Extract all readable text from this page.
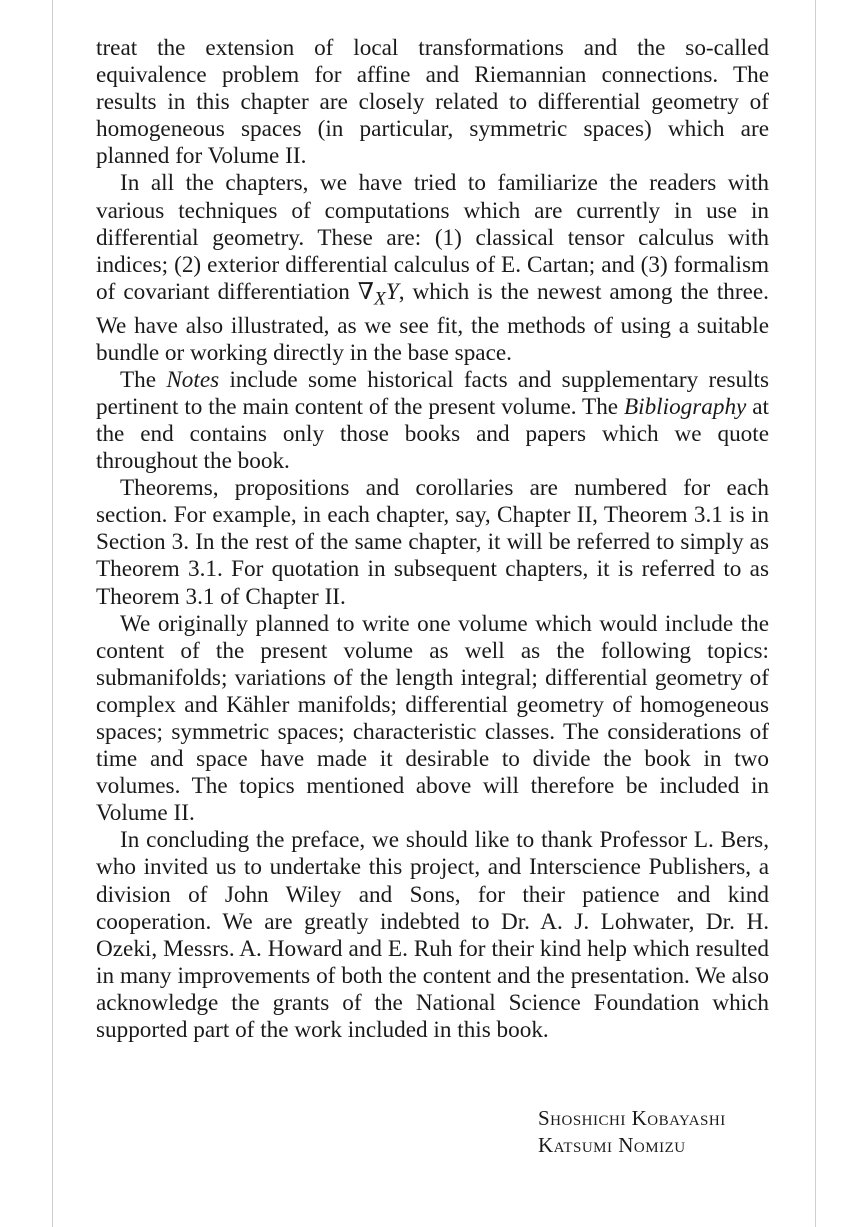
treat the extension of local transformations and the so-called equivalence problem for affine and Riemannian connections. The results in this chapter are closely related to differential geometry of homogeneous spaces (in particular, symmetric spaces) which are planned for Volume II.

In all the chapters, we have tried to familiarize the readers with various techniques of computations which are currently in use in differential geometry. These are: (1) classical tensor calculus with indices; (2) exterior differential calculus of E. Cartan; and (3) formalism of covariant differentiation $\nabla_XY$, which is the newest among the three. We have also illustrated, as we see fit, the methods of using a suitable bundle or working directly in the base space.

The Notes include some historical facts and supplementary results pertinent to the main content of the present volume. The Bibliography at the end contains only those books and papers which we quote throughout the book.

Theorems, propositions and corollaries are numbered for each section. For example, in each chapter, say, Chapter II, Theorem 3.1 is in Section 3. In the rest of the same chapter, it will be referred to simply as Theorem 3.1. For quotation in subsequent chapters, it is referred to as Theorem 3.1 of Chapter II.

We originally planned to write one volume which would include the content of the present volume as well as the following topics: submanifolds; variations of the length integral; differential geometry of complex and Kähler manifolds; differential geometry of homogeneous spaces; symmetric spaces; characteristic classes. The considerations of time and space have made it desirable to divide the book in two volumes. The topics mentioned above will therefore be included in Volume II.

In concluding the preface, we should like to thank Professor L. Bers, who invited us to undertake this project, and Interscience Publishers, a division of John Wiley and Sons, for their patience and kind cooperation. We are greatly indebted to Dr. A. J. Lohwater, Dr. H. Ozeki, Messrs. A. Howard and E. Ruh for their kind help which resulted in many improvements of both the content and the presentation. We also acknowledge the grants of the National Science Foundation which supported part of the work included in this book.

Shoshichi Kobayashi
Katsumi Nomizu
